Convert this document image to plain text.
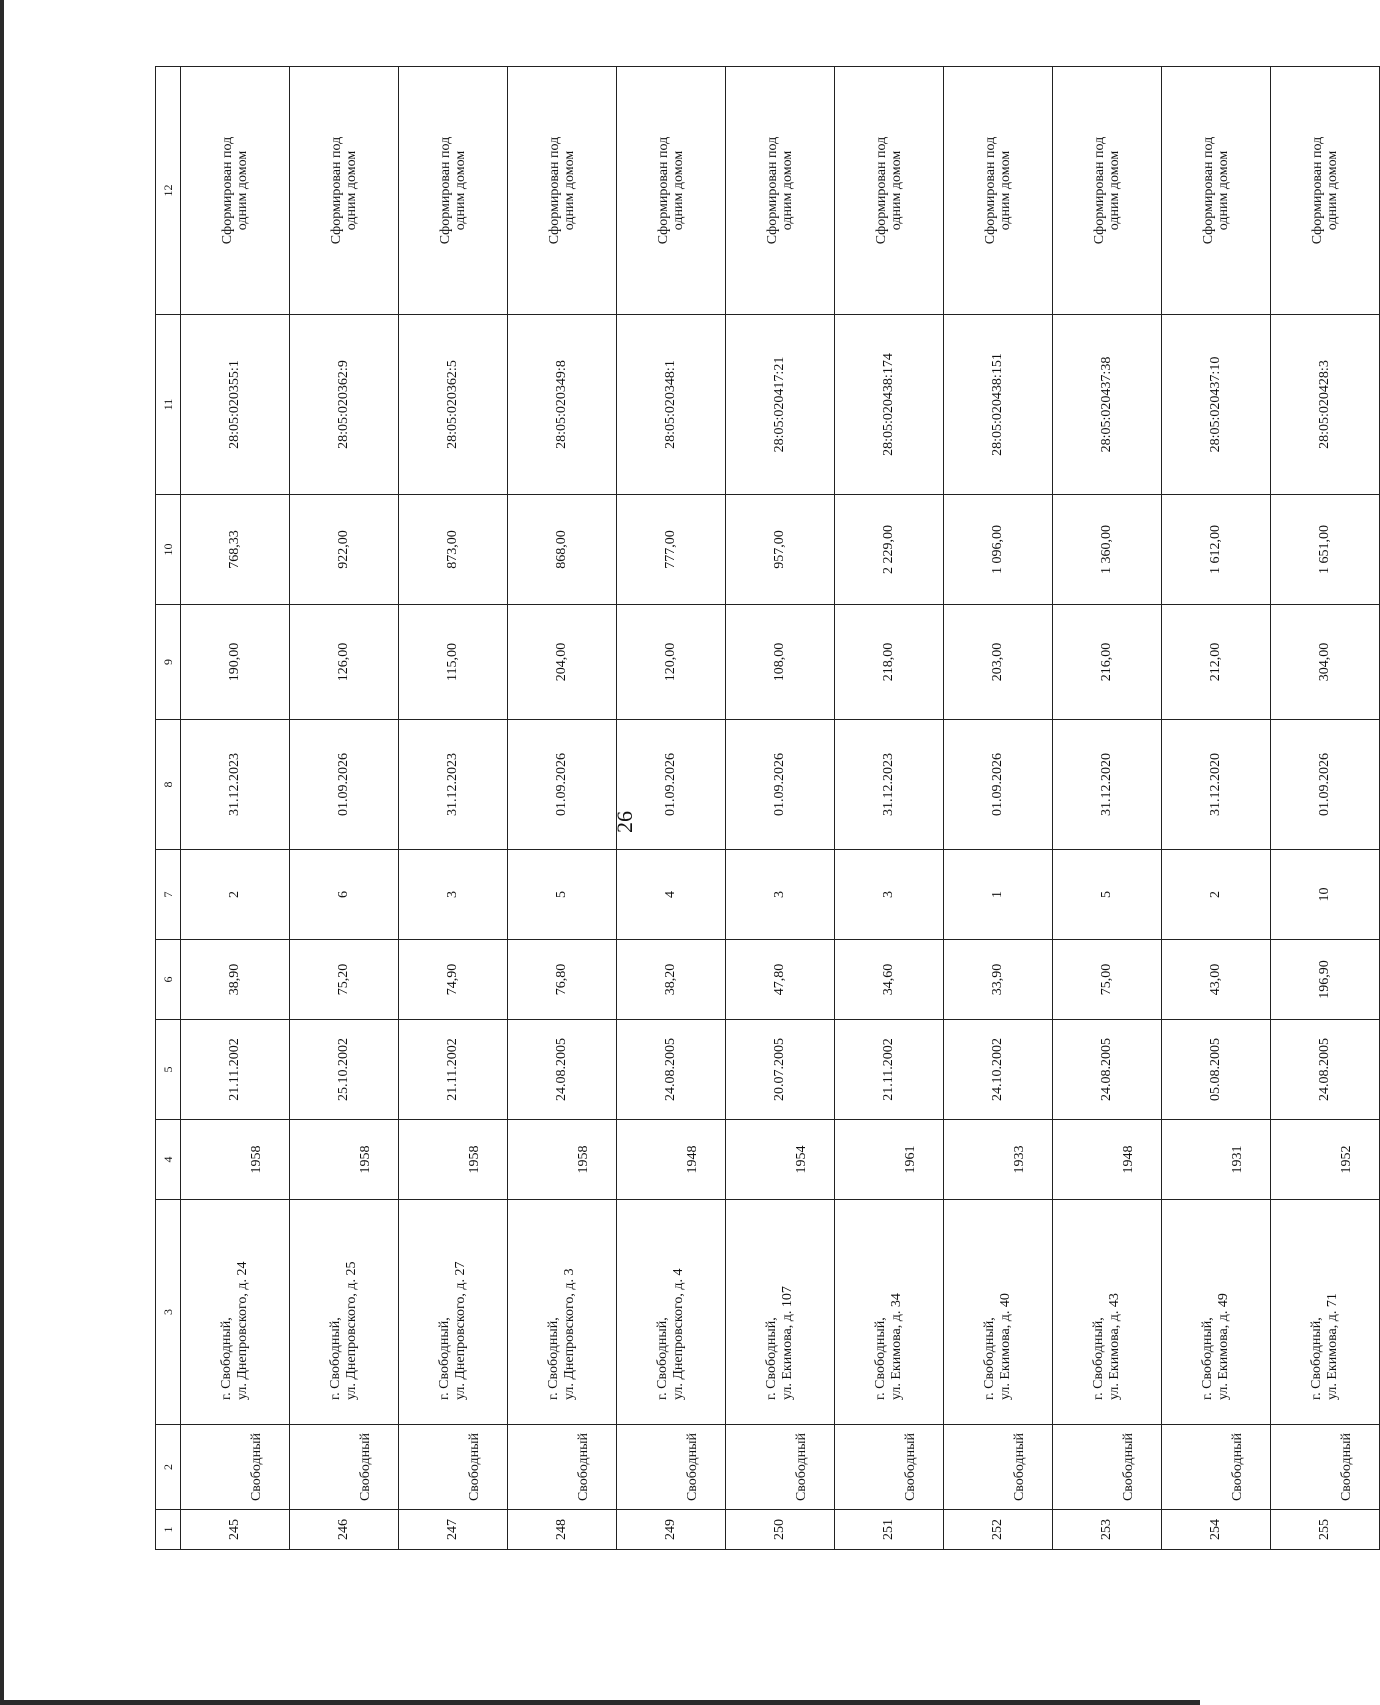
26
1	2	3	4	5	6	7	8	9	10	11	12
245	Свободный	г. Свободный, ул. Днепровского, д. 24	1958	21.11.2002	38,90	2	31.12.2023	190,00	768,33	28:05:020355:1	Сформирован под одним домом

246	Свободный	г. Свободный, ул. Днепровского, д. 25	1958	25.10.2002	75,20	6	01.09.2026	126,00	922,00	28:05:020362:9	Сформирован под одним домом

247	Свободный	г. Свободный, ул. Днепровского, д. 27	1958	21.11.2002	74,90	3	31.12.2023	115,00	873,00	28:05:020362:5	Сформирован под одним домом

248	Свободный	г. Свободный, ул. Днепровского, д. 3	1958	24.08.2005	76,80	5	01.09.2026	204,00	868,00	28:05:020349:8	Сформирован под одним домом

249	Свободный	г. Свободный, ул. Днепровского, д. 4	1948	24.08.2005	38,20	4	01.09.2026	120,00	777,00	28:05:020348:1	Сформирован под одним домом

250	Свободный	г. Свободный, ул. Екимова, д. 107	1954	20.07.2005	47,80	3	01.09.2026	108,00	957,00	28:05:020417:21	Сформирован под одним домом

251	Свободный	г. Свободный, ул. Екимова, д. 34	1961	21.11.2002	34,60	3	31.12.2023	218,00	2 229,00	28:05:020438:174	Сформирован под одним домом

252	Свободный	г. Свободный, ул. Екимова, д. 40	1933	24.10.2002	33,90	1	01.09.2026	203,00	1 096,00	28:05:020438:151	Сформирован под одним домом

253	Свободный	г. Свободный, ул. Екимова, д. 43	1948	24.08.2005	75,00	5	31.12.2020	216,00	1 360,00	28:05:020437:38	Сформирован под одним домом

254	Свободный	г. Свободный, ул. Екимова, д. 49	1931	05.08.2005	43,00	2	31.12.2020	212,00	1 612,00	28:05:020437:10	Сформирован под одним домом

255	Свободный	г. Свободный, ул. Екимова, д. 71	1952	24.08.2005	196,90	10	01.09.2026	304,00	1 651,00	28:05:020428:3	Сформирован под одним домом
